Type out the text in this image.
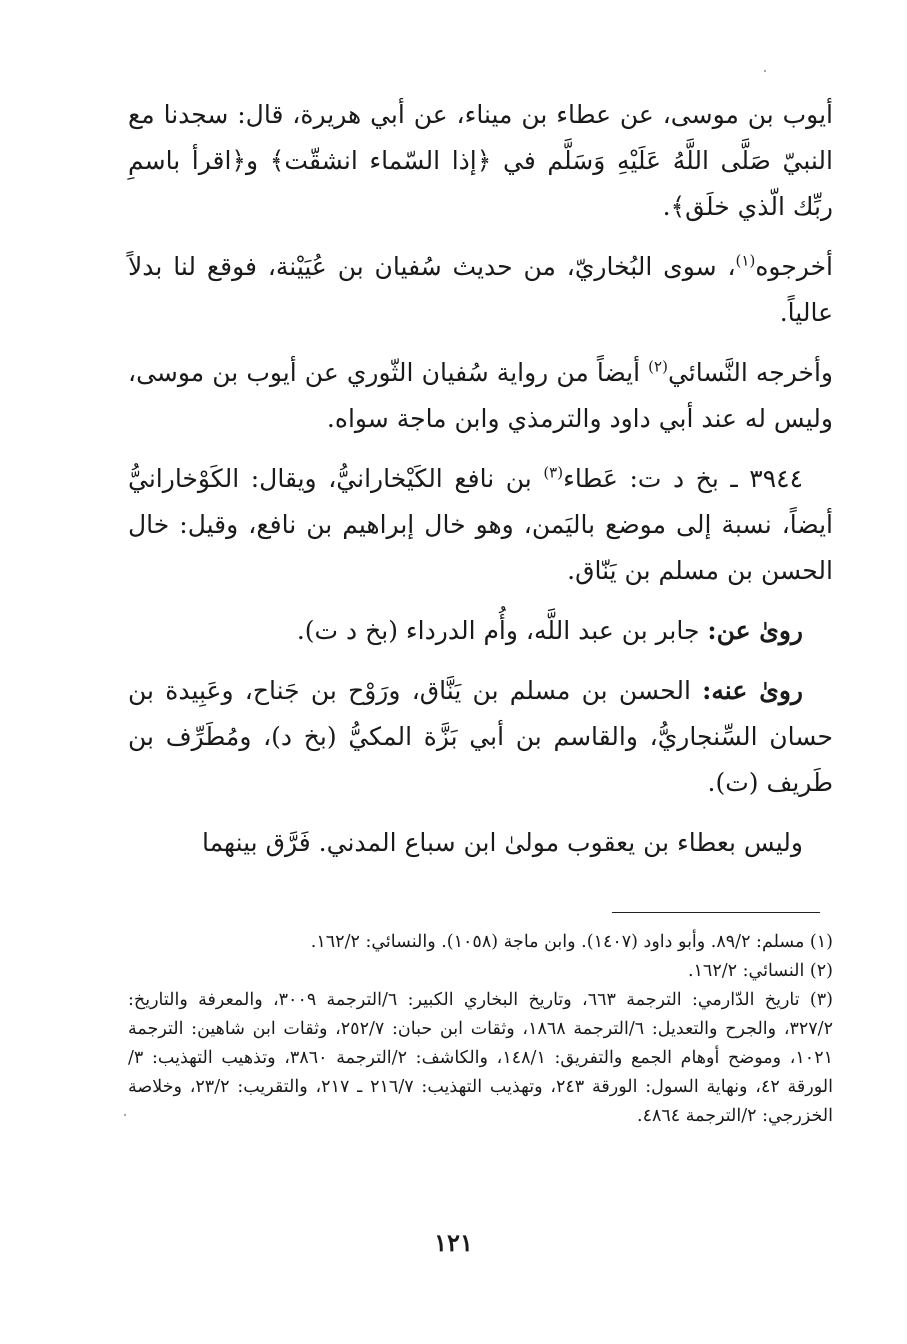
أيوب بن موسى، عن عطاء بن ميناء، عن أبي هريرة، قال: سجدنا مع النبيّ صَلَّى اللَّهُ عَلَيْهِ وَسَلَّم في ﴿إذا السّماء انشقّت﴾ و﴿اقرأ باسمِ ربِّك الّذي خلَق﴾.

أخرجوه$^{(١)}$، سوى البُخاريّ، من حديث سُفيان بن عُيَيْنة، فوقع لنا بدلاً عالياً.

وأخرجه النَّسائي$^{(٢)}$ أيضاً من رواية سُفيان الثّوري عن أيوب بن موسى، وليس له عند أبي داود والترمذي وابن ماجة سواه.

٣٩٤٤ ـ بخ د ت: عَطاء$^{(٣)}$ بن نافع الكَيْخارانيُّ، ويقال: الكَوْخارانيُّ أيضاً، نسبة إلى موضع باليَمن، وهو خال إبراهيم بن نافع، وقيل: خال الحسن بن مسلم بن يَنّاق.

روىٰ عن: جابر بن عبد اللَّه، وأُم الدرداء (بخ د ت).

روىٰ عنه: الحسن بن مسلم بن يَنَّاق، ورَوْح بن جَناح، وعَبِيدة بن حسان السِّنجاريُّ، والقاسم بن أبي بَزَّة المكيُّ (بخ د)، ومُطَرِّف بن طَريف (ت).

وليس بعطاء بن يعقوب مولىٰ ابن سباع المدني. فَرَّق بينهما

(١) مسلم: ٨٩/٢. وأبو داود (١٤٠٧). وابن ماجة (١٠٥٨). والنسائي: ١٦٢/٢.

(٢) النسائي: ١٦٢/٢.

(٣) تاريخ الدّارمي: الترجمة ٦٦٣، وتاريخ البخاري الكبير: ٦/الترجمة ٣٠٠٩، والمعرفة والتاريخ: ٣٢٧/٢، والجرح والتعديل: ٦/الترجمة ١٨٦٨، وثقات ابن حبان: ٢٥٢/٧، وثقات ابن شاهين: الترجمة ١٠٢١، وموضح أوهام الجمع والتفريق: ١٤٨/١، والكاشف: ٢/الترجمة ٣٨٦٠، وتذهيب التهذيب: ٣/الورقة ٤٢، ونهاية السول: الورقة ٢٤٣، وتهذيب التهذيب: ٢١٦/٧ ـ ٢١٧، والتقريب: ٢٣/٢، وخلاصة الخزرجي: ٢/الترجمة ٤٨٦٤.

١٢١
